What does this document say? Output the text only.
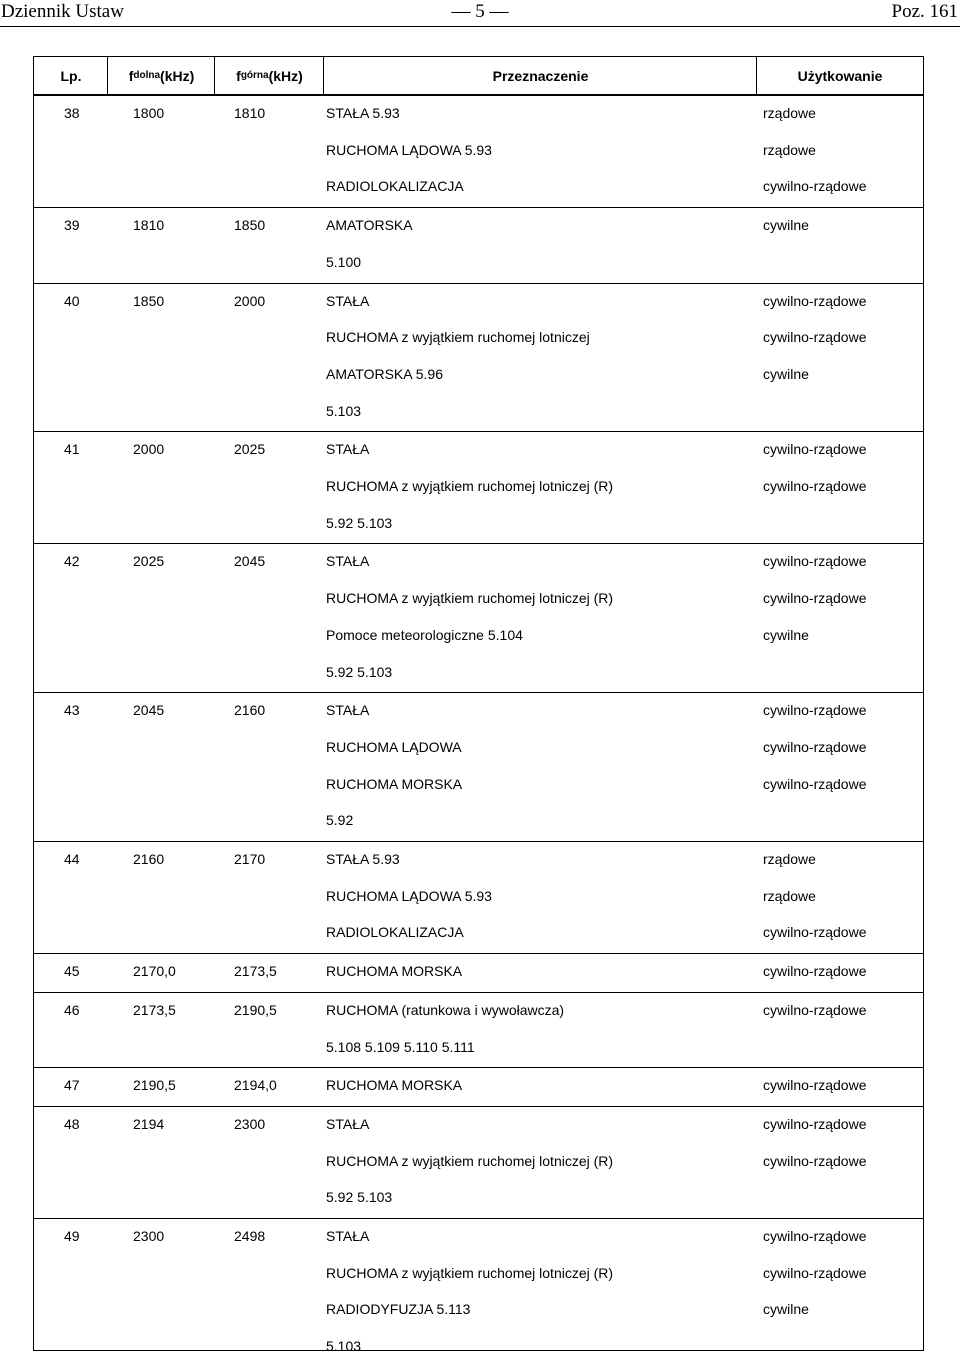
Dziennik Ustaw	— 5 —	Poz. 161
Lp.	f dolna (kHz)	f górna (kHz)	Przeznaczenie	Użytkowanie
38	1800	1810	STAŁA 5.93	rządowe
RUCHOMA LĄDOWA 5.93	rządowe
RADIOLOKALIZACJA	cywilno-rządowe
39	1810	1850	AMATORSKA	cywilne
5.100
40	1850	2000	STAŁA	cywilno-rządowe
RUCHOMA z wyjątkiem ruchomej lotniczej	cywilno-rządowe
AMATORSKA 5.96	cywilne
5.103
41	2000	2025	STAŁA	cywilno-rządowe
RUCHOMA z wyjątkiem ruchomej lotniczej (R)	cywilno-rządowe
5.92 5.103
42	2025	2045	STAŁA	cywilno-rządowe
RUCHOMA z wyjątkiem ruchomej lotniczej (R)	cywilno-rządowe
Pomoce meteorologiczne 5.104	cywilne
5.92 5.103
43	2045	2160	STAŁA	cywilno-rządowe
RUCHOMA LĄDOWA	cywilno-rządowe
RUCHOMA MORSKA	cywilno-rządowe
5.92
44	2160	2170	STAŁA 5.93	rządowe
RUCHOMA LĄDOWA 5.93	rządowe
RADIOLOKALIZACJA	cywilno-rządowe
45	2170,0	2173,5	RUCHOMA MORSKA	cywilno-rządowe
46	2173,5	2190,5	RUCHOMA (ratunkowa i wywoławcza)	cywilno-rządowe
5.108 5.109 5.110 5.111
47	2190,5	2194,0	RUCHOMA MORSKA	cywilno-rządowe
48	2194	2300	STAŁA	cywilno-rządowe
RUCHOMA z wyjątkiem ruchomej lotniczej (R)	cywilno-rządowe
5.92 5.103
49	2300	2498	STAŁA	cywilno-rządowe
RUCHOMA z wyjątkiem ruchomej lotniczej (R)	cywilno-rządowe
RADIODYFUZJA 5.113	cywilne
5.103
